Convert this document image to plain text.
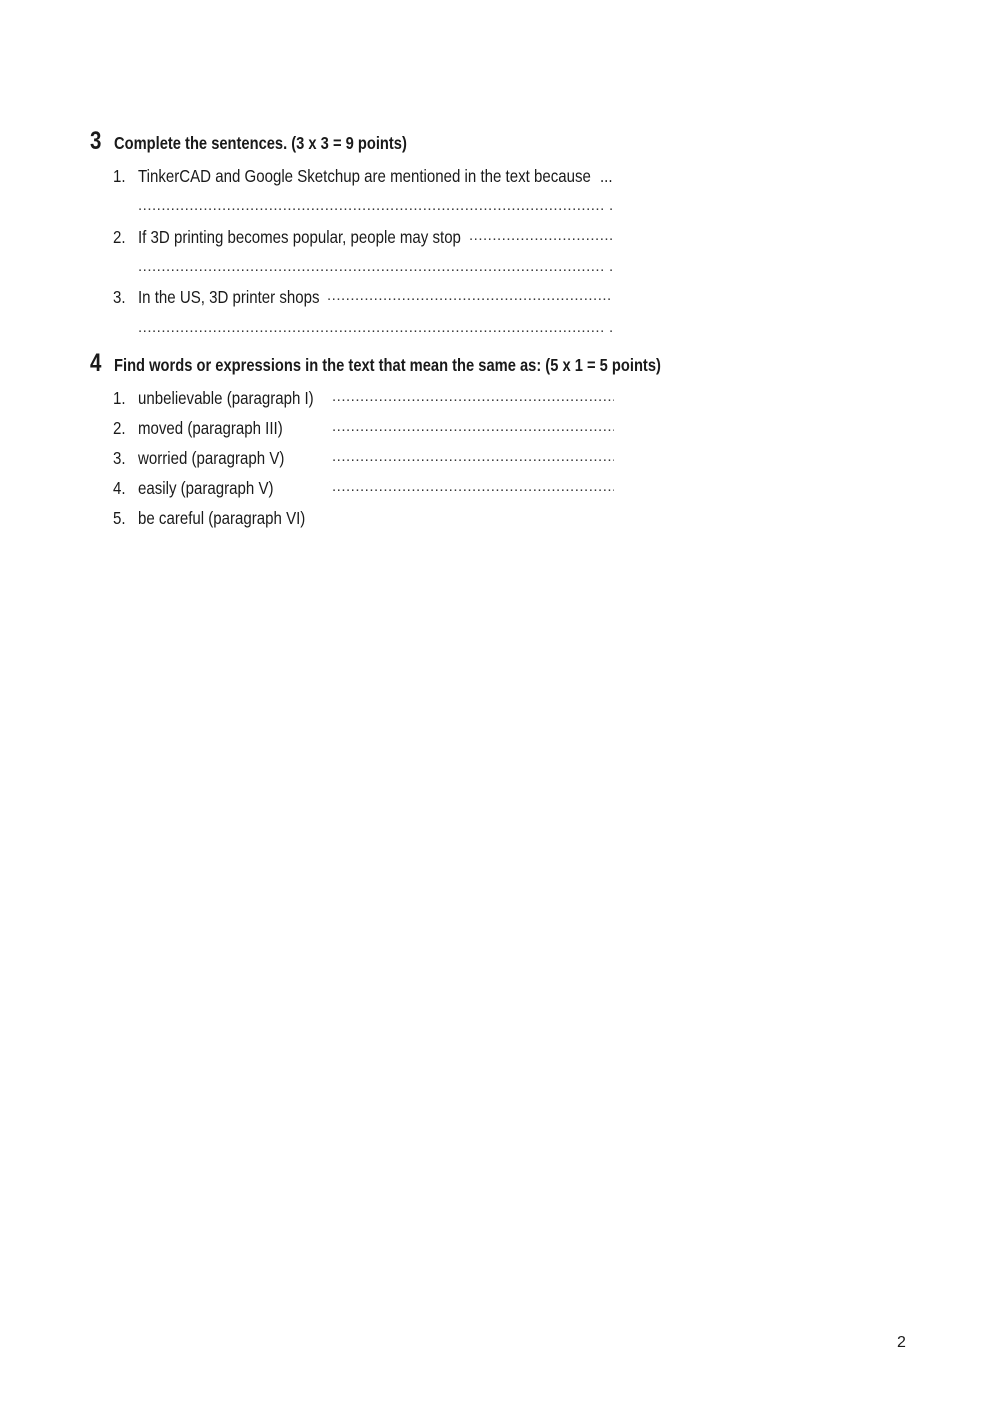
3 Complete the sentences. (3 x 3 = 9 points)
1. TinkerCAD and Google Sketchup are mentioned in the text because ...
.....
.
2. If 3D printing becomes popular, people may stop
.....
.....
.
3. In the US, 3D printer shops
.....
.....
.
4 Find words or expressions in the text that mean the same as: (5 x 1 = 5 points)
1. unbelievable (paragraph I)
.....
2. moved (paragraph III)
.....
3. worried (paragraph V)
.....
4. easily (paragraph V)
.....
5. be careful (paragraph VI)
2
